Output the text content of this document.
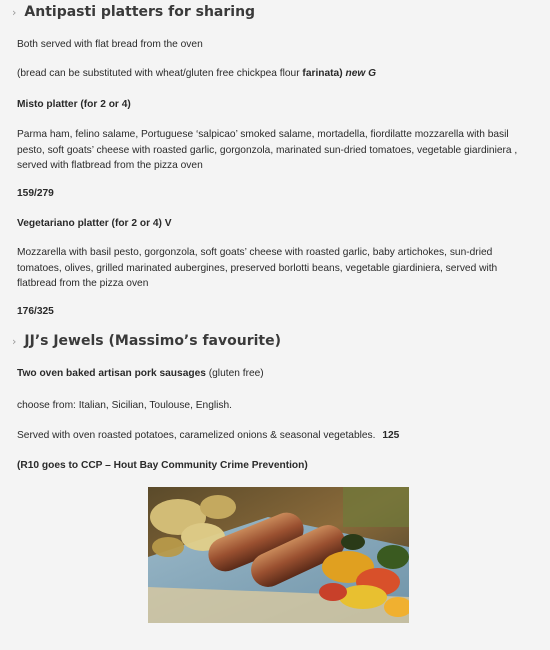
› Antipasti platters for sharing
Both served with flat bread from the oven
(bread can be substituted with wheat/gluten free chickpea flour farinata) new G
Misto platter (for 2 or 4)
Parma ham, felino salame, Portuguese ‘salpicao’ smoked salame, mortadella, fiordilatte mozzarella with basil pesto, soft goats’ cheese with roasted garlic, gorgonzola, marinated sun-dried tomatoes, vegetable giardiniera , served with flatbread from the pizza oven
159/279
Vegetariano platter (for 2 or 4) V
Mozzarella with basil pesto, gorgonzola, soft goats’ cheese with roasted garlic, baby artichokes, sun-dried tomatoes, olives, grilled marinated aubergines, preserved borlotti beans, vegetable giardiniera, served with flatbread from the pizza oven
176/325
› JJ’s Jewels (Massimo’s favourite)
Two oven baked artisan pork sausages (gluten free)
choose from: Italian, Sicilian, Toulouse, English.
Served with oven roasted potatoes, caramelized onions & seasonal vegetables. 125
(R10 goes to CCP – Hout Bay Community Crime Prevention)
